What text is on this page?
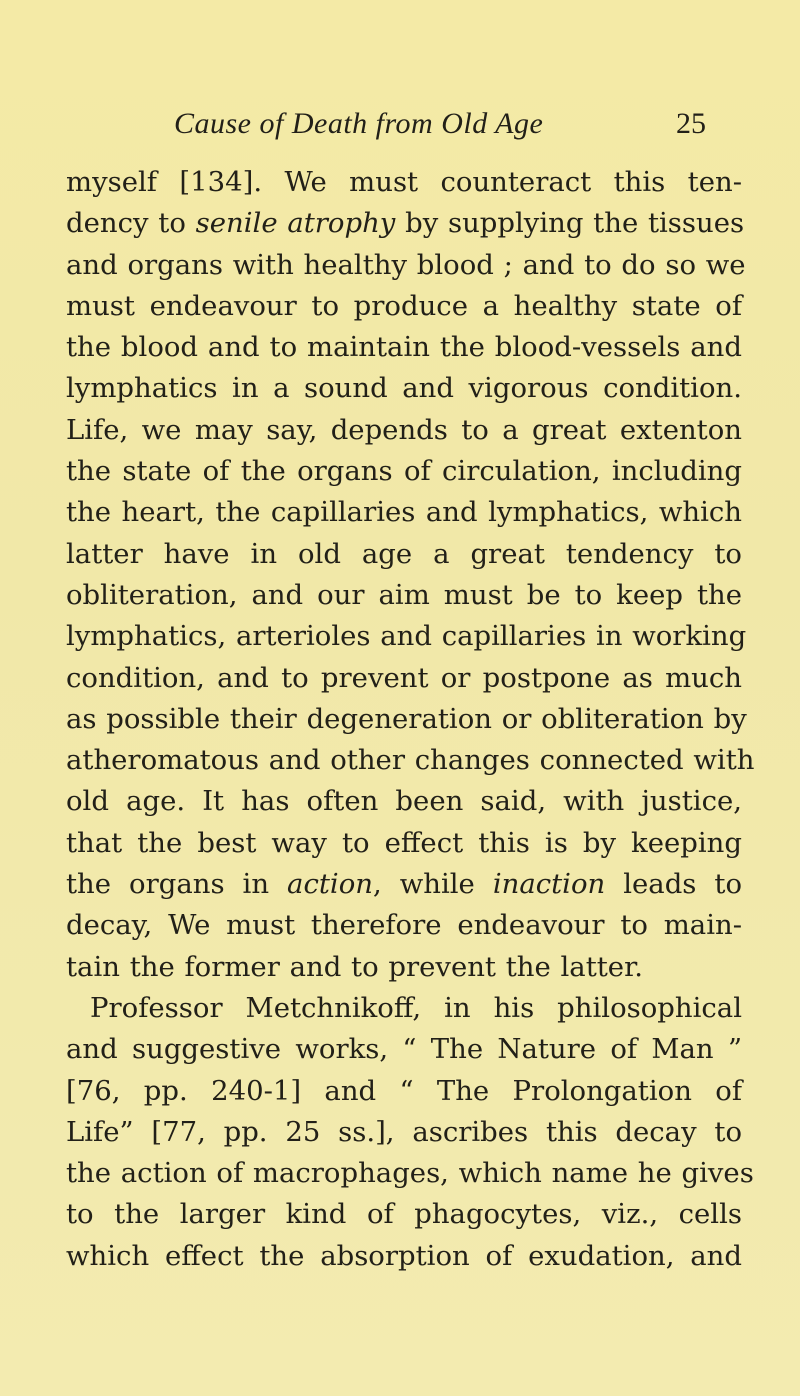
Cause of Death from Old Age	25
myself [134]. We must counteract this ten-
dency to senile atrophy by supplying the tissues
and organs with healthy blood ; and to do so we
must endeavour to produce a healthy state of
the blood and to maintain the blood-vessels and
lymphatics in a sound and vigorous condition.
Life, we may say, depends to a great extenton
the state of the organs of circulation, including
the heart, the capillaries and lymphatics, which
latter have in old age a great tendency to
obliteration, and our aim must be to keep the
lymphatics, arterioles and capillaries in working
condition, and to prevent or postpone as much
as possible their degeneration or obliteration by
atheromatous and other changes connected with
old age. It has often been said, with justice,
that the best way to effect this is by keeping
the organs in action, while inaction leads to
decay, We must therefore endeavour to main-
tain the former and to prevent the latter.
Professor Metchnikoff, in his philosophical
and suggestive works, “ The Nature of Man ”
[76, pp. 240-1] and “ The Prolongation of
Life” [77, pp. 25 ss.], ascribes this decay to
the action of macrophages, which name he gives
to the larger kind of phagocytes, viz., cells
which effect the absorption of exudation, and
